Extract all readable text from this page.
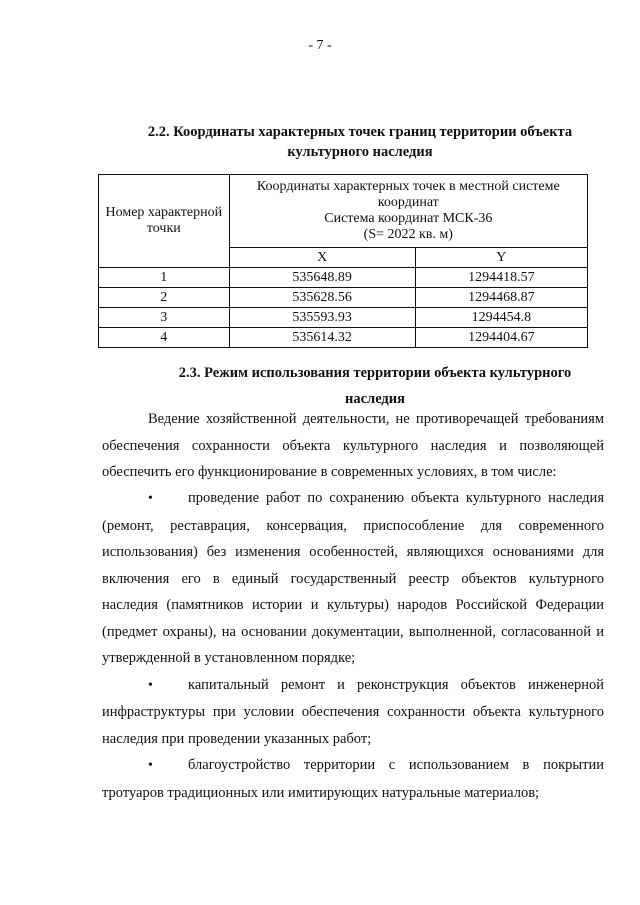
- 7 -
2.2. Координаты характерных точек границ территории объекта культурного наследия
Номер характерной точки	Координаты характерных точек в местной системе
координат
Система координат МСК-36
(S= 2022 кв. м)	

	X	Y
1	535648.89	1294418.57
2	535628.56	1294468.87
3	535593.93	1294454.8
4	535614.32	1294404.67
2.3. Режим использования территории объекта культурного наследия

Ведение хозяйственной деятельности, не противоречащей требованиям обеспечения сохранности объекта культурного наследия и позволяющей обеспечить его функционирование в современных условиях, в том числе:

• проведение работ по сохранению объекта культурного наследия (ремонт, реставрация, консервация, приспособление для современного использования) без изменения особенностей, являющихся основаниями для включения его в единый государственный реестр объектов культурного наследия (памятников истории и культуры) народов Российской Федерации (предмет охраны), на основании документации, выполненной, согласованной и утвержденной в установленном порядке;

• капитальный ремонт и реконструкция объектов инженерной инфраструктуры при условии обеспечения сохранности объекта культурного наследия при проведении указанных работ;

• благоустройство территории с использованием в покрытии тротуаров традиционных или имитирующих натуральные материалов;
